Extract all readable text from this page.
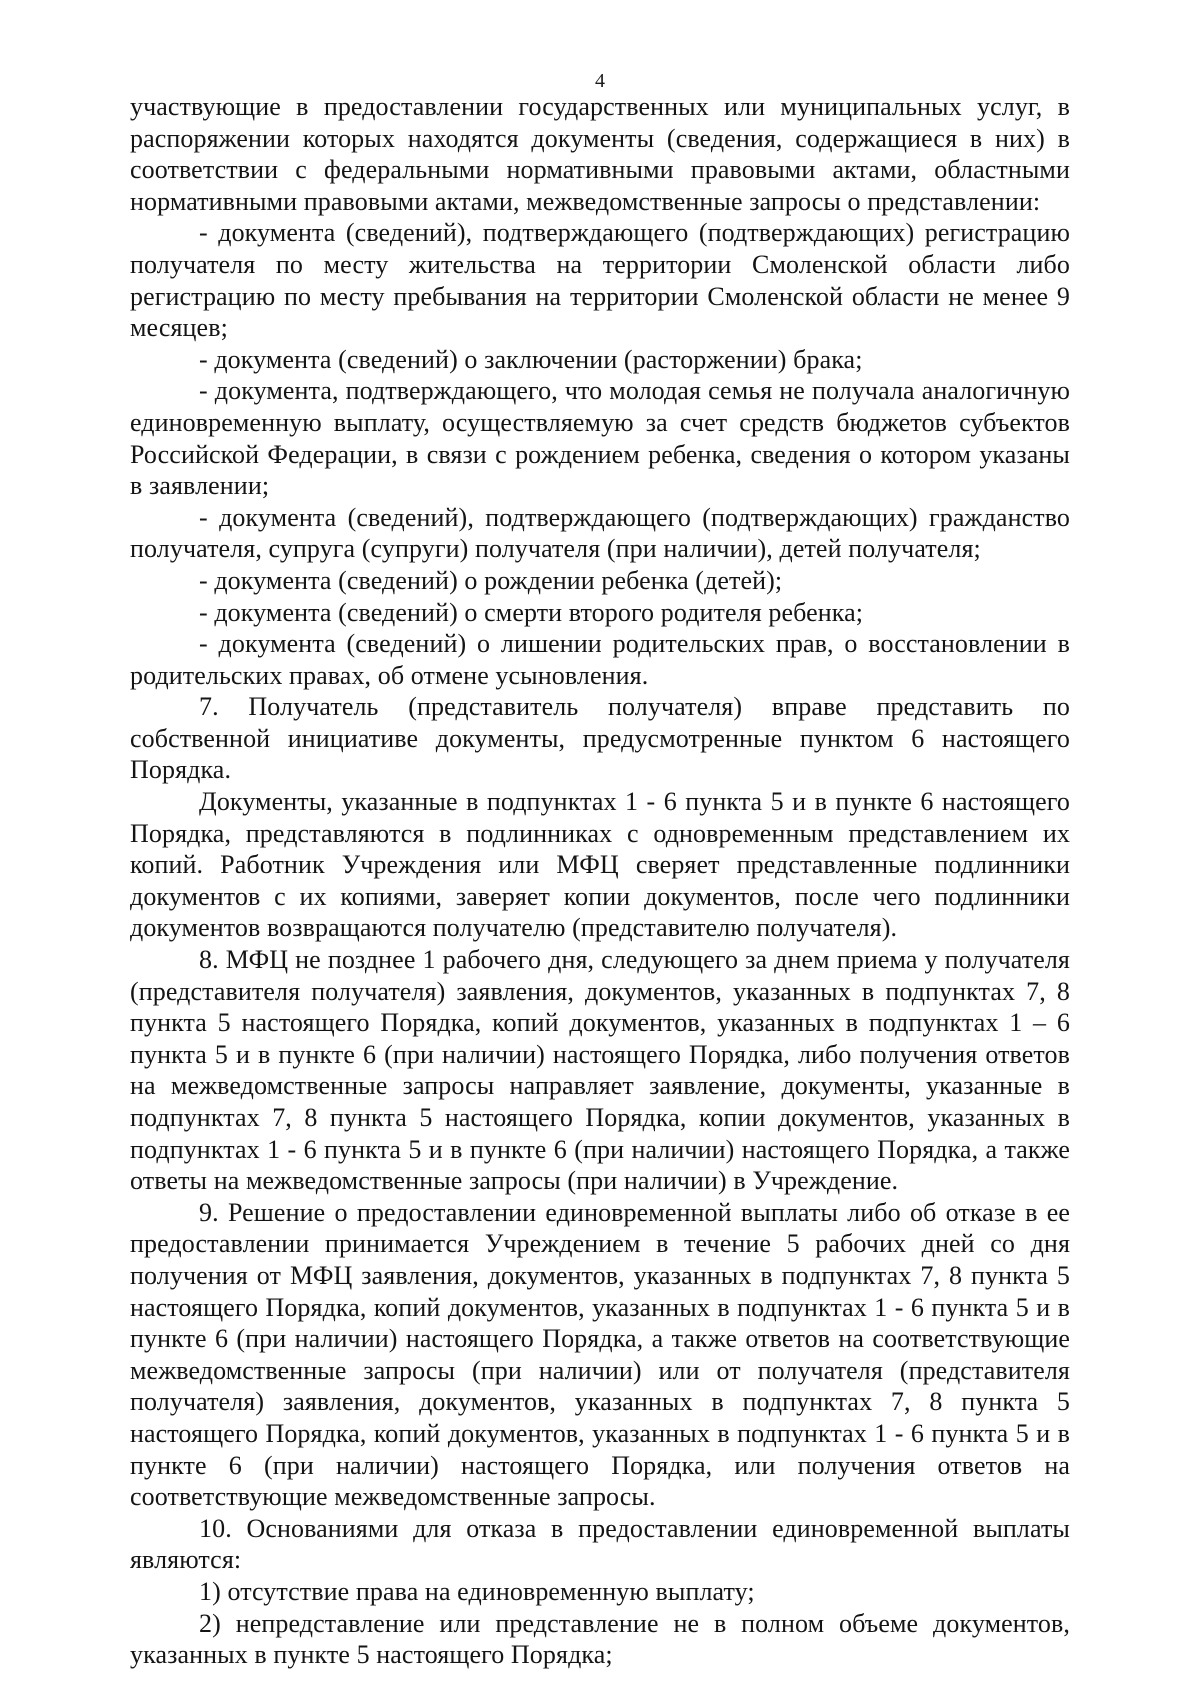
4

участвующие в предоставлении государственных или муниципальных услуг, в распоряжении которых находятся документы (сведения, содержащиеся в них) в соответствии с федеральными нормативными правовыми актами, областными нормативными правовыми актами, межведомственные запросы о представлении:

- документа (сведений), подтверждающего (подтверждающих) регистрацию получателя по месту жительства на территории Смоленской области либо регистрацию по месту пребывания на территории Смоленской области не менее 9 месяцев;

- документа (сведений) о заключении (расторжении) брака;

- документа, подтверждающего, что молодая семья не получала аналогичную единовременную выплату, осуществляемую за счет средств бюджетов субъектов Российской Федерации, в связи с рождением ребенка, сведения о котором указаны в заявлении;

- документа (сведений), подтверждающего (подтверждающих) гражданство получателя, супруга (супруги) получателя (при наличии), детей получателя;

- документа (сведений) о рождении ребенка (детей);

- документа (сведений) о смерти второго родителя ребенка;

- документа (сведений) о лишении родительских прав, о восстановлении в родительских правах, об отмене усыновления.

7. Получатель (представитель получателя) вправе представить по собственной инициативе документы, предусмотренные пунктом 6 настоящего Порядка.

Документы, указанные в подпунктах 1 - 6 пункта 5 и в пункте 6 настоящего Порядка, представляются в подлинниках с одновременным представлением их копий. Работник Учреждения или МФЦ сверяет представленные подлинники документов с их копиями, заверяет копии документов, после чего подлинники документов возвращаются получателю (представителю получателя).

8. МФЦ не позднее 1 рабочего дня, следующего за днем приема у получателя (представителя получателя) заявления, документов, указанных в подпунктах 7, 8 пункта 5 настоящего Порядка, копий документов, указанных в подпунктах 1 – 6 пункта 5 и в пункте 6 (при наличии) настоящего Порядка, либо получения ответов на межведомственные запросы направляет заявление, документы, указанные в подпунктах 7, 8 пункта 5 настоящего Порядка, копии документов, указанных в подпунктах 1 - 6 пункта 5 и в пункте 6 (при наличии) настоящего Порядка, а также ответы на межведомственные запросы (при наличии) в Учреждение.

9. Решение о предоставлении единовременной выплаты либо об отказе в ее предоставлении принимается Учреждением в течение 5 рабочих дней со дня получения от МФЦ заявления, документов, указанных в подпунктах 7, 8 пункта 5 настоящего Порядка, копий документов, указанных в подпунктах 1 - 6 пункта 5 и в пункте 6 (при наличии) настоящего Порядка, а также ответов на соответствующие межведомственные запросы (при наличии) или от получателя (представителя получателя) заявления, документов, указанных в подпунктах 7, 8 пункта 5 настоящего Порядка, копий документов, указанных в подпунктах 1 - 6 пункта 5 и в пункте 6 (при наличии) настоящего Порядка, или получения ответов на соответствующие межведомственные запросы.

10. Основаниями для отказа в предоставлении единовременной выплаты являются:

1) отсутствие права на единовременную выплату;

2) непредставление или представление не в полном объеме документов, указанных в пункте 5 настоящего Порядка;
